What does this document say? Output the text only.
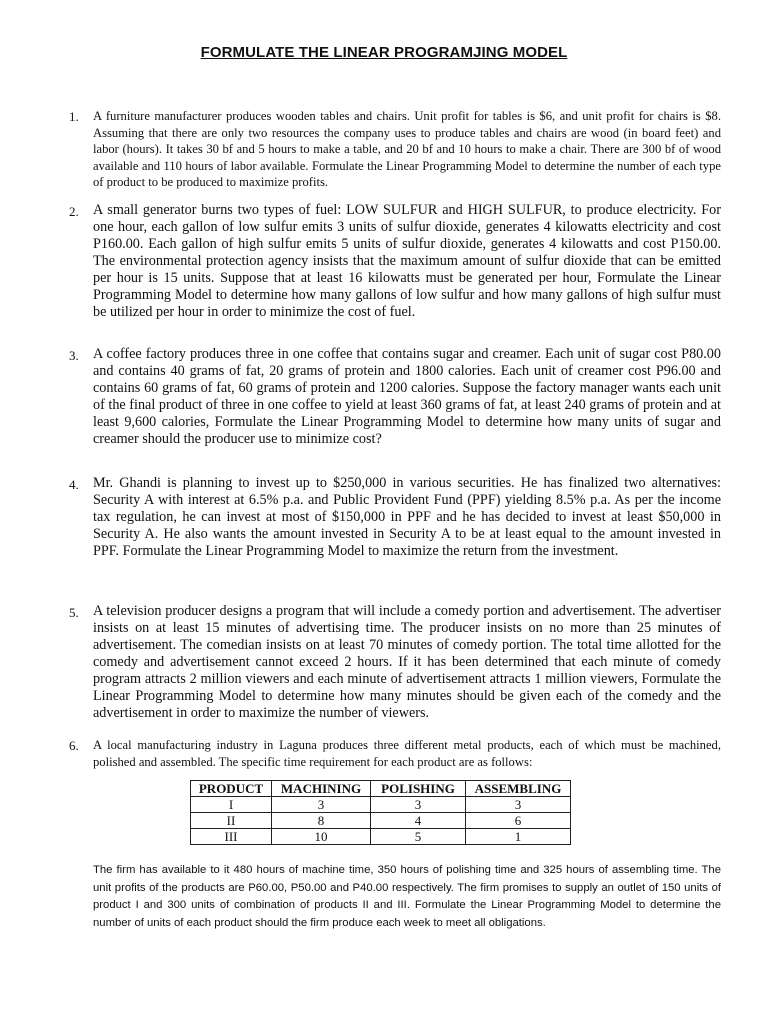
FORMULATE THE LINEAR PROGRAMJING MODEL
1.	A furniture manufacturer produces wooden tables and chairs. Unit profit for tables is $6, and unit profit for chairs is $8. Assuming that there are only two resources the company uses to produce tables and chairs are wood (in board feet) and labor (hours). It takes 30 bf and 5 hours to make a table, and 20 bf and 10 hours to make a chair. There are 300 bf of wood available and 110 hours of labor available. Formulate the Linear Programming Model to determine the number of each type of product to be produced to maximize profits.
2.	A small generator burns two types of fuel: LOW SULFUR and HIGH SULFUR, to produce electricity. For one hour, each gallon of low sulfur emits 3 units of sulfur dioxide, generates 4 kilowatts electricity and cost P160.00. Each gallon of high sulfur emits 5 units of sulfur dioxide, generates 4 kilowatts and cost P150.00. The environmental protection agency insists that the maximum amount of sulfur dioxide that can be emitted per hour is 15 units. Suppose that at least 16 kilowatts must be generated per hour, Formulate the Linear Programming Model to determine how many gallons of low sulfur and how many gallons of high sulfur must be utilized per hour in order to minimize the cost of fuel.
3.	A coffee factory produces three in one coffee that contains sugar and creamer. Each unit of sugar cost P80.00 and contains 40 grams of fat, 20 grams of protein and 1800 calories. Each unit of creamer cost P96.00 and contains 60 grams of fat, 60 grams of protein and 1200 calories. Suppose the factory manager wants each unit of the final product of three in one coffee to yield at least 360 grams of fat, at least 240 grams of protein and at least 9,600 calories, Formulate the Linear Programming Model to determine how many units of sugar and creamer should the producer use to minimize cost?
4.	Mr. Ghandi is planning to invest up to $250,000 in various securities. He has finalized two alternatives: Security A with interest at 6.5% p.a. and Public Provident Fund (PPF) yielding 8.5% p.a. As per the income tax regulation, he can invest at most of $150,000 in PPF and he has decided to invest at least $50,000 in Security A. He also wants the amount invested in Security A to be at least equal to the amount invested in PPF. Formulate the Linear Programming Model to maximize the return from the investment.
5.	A television producer designs a program that will include a comedy portion and advertisement. The advertiser insists on at least 15 minutes of advertising time. The producer insists on no more than 25 minutes of advertisement. The comedian insists on at least 70 minutes of comedy portion. The total time allotted for the comedy and advertisement cannot exceed 2 hours. If it has been determined that each minute of comedy program attracts 2 million viewers and each minute of advertisement attracts 1 million viewers, Formulate the Linear Programming Model to determine how many minutes should be given each of the comedy and the advertisement in order to maximize the number of viewers.
6.	A local manufacturing industry in Laguna produces three different metal products, each of which must be machined, polished and assembled. The specific time requirement for each product are as follows:
PRODUCT	MACHINING	POLISHING	ASSEMBLING
I	3	3	3
II	8	4	6
III	10	5	1
The firm has available to it 480 hours of machine time, 350 hours of polishing time and 325 hours of assembling time. The unit profits of the products are P60.00, P50.00 and P40.00 respectively. The firm promises to supply an outlet of 150 units of product I and 300 units of combination of products II and III. Formulate the Linear Programming Model to determine the number of units of each product should the firm produce each week to meet all obligations.
